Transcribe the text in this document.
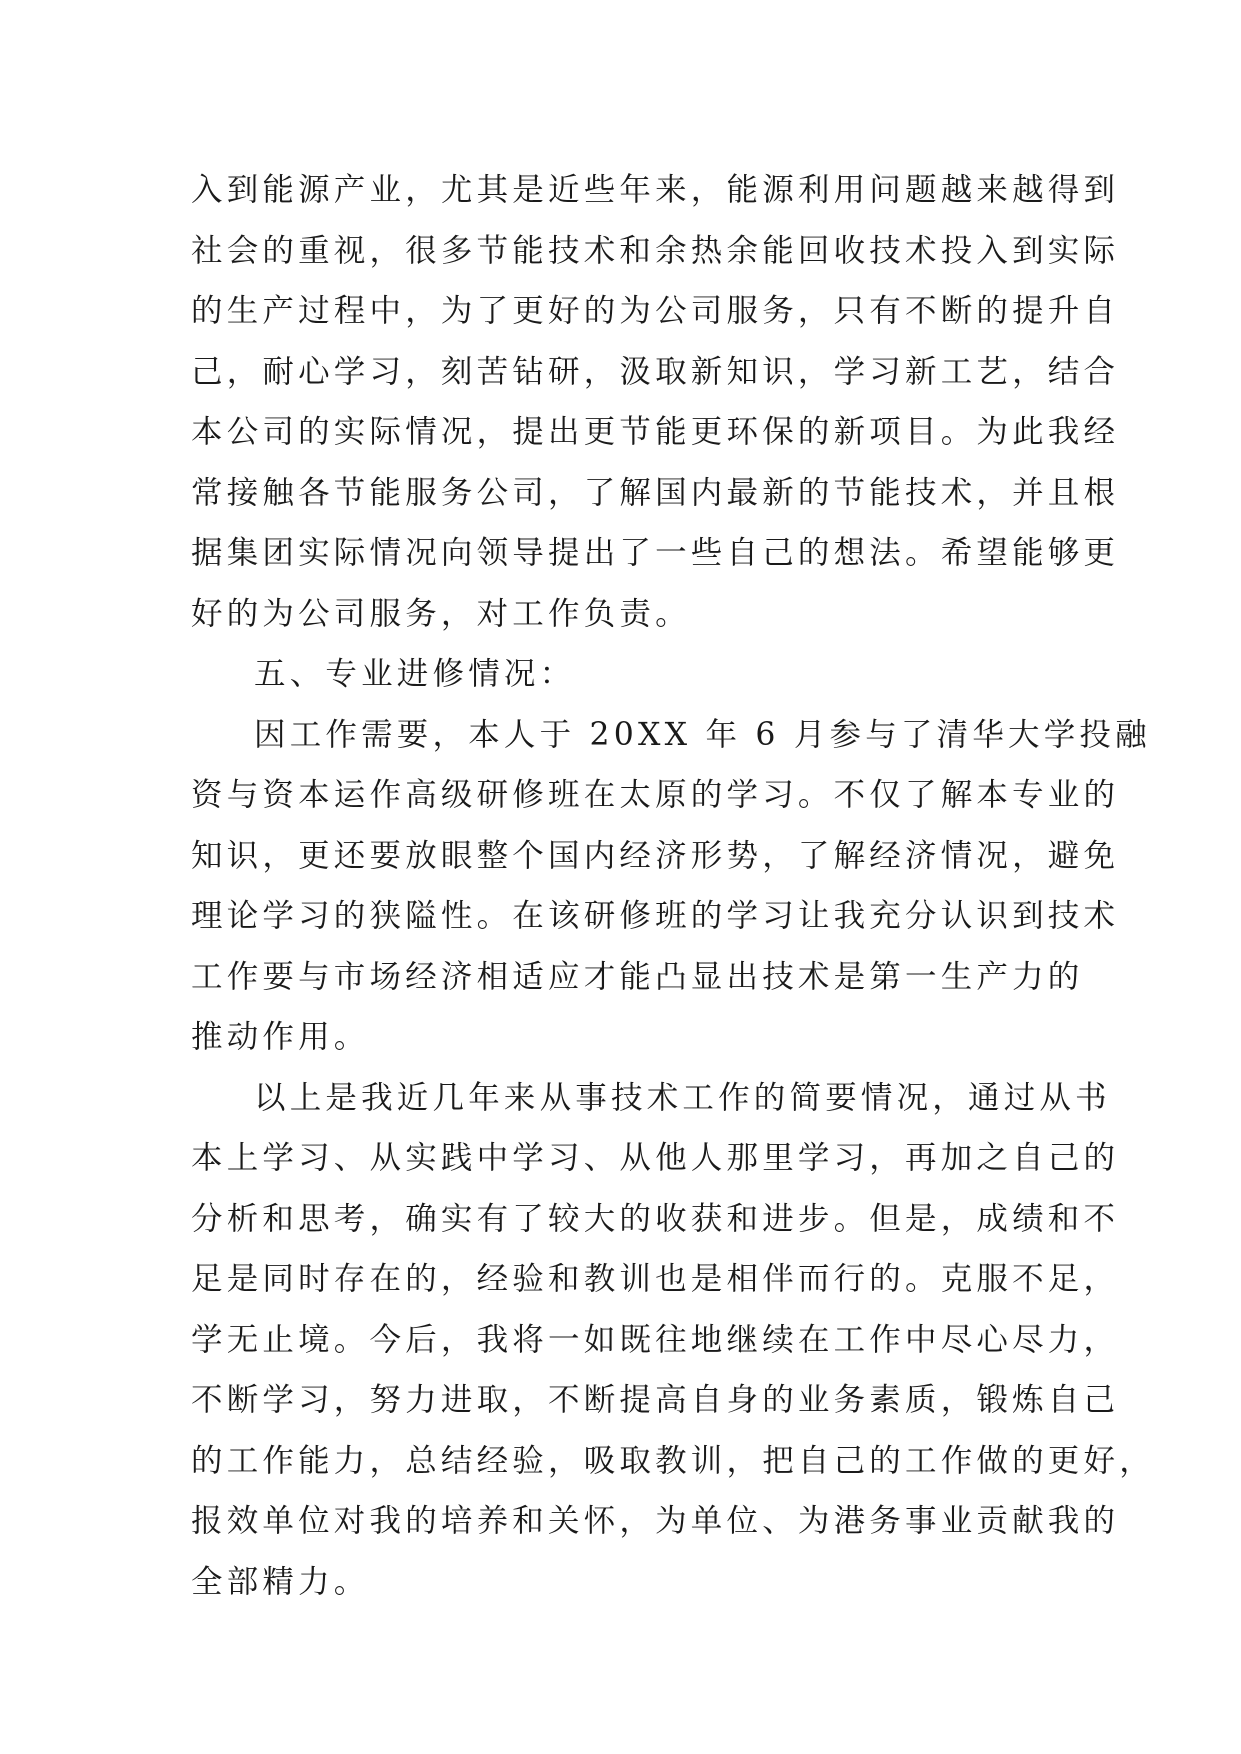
入到能源产业，尤其是近些年来，能源利用问题越来越得到
社会的重视，很多节能技术和余热余能回收技术投入到实际
的生产过程中，为了更好的为公司服务，只有不断的提升自
己，耐心学习，刻苦钻研，汲取新知识，学习新工艺，结合
本公司的实际情况，提出更节能更环保的新项目。为此我经
常接触各节能服务公司，了解国内最新的节能技术，并且根
据集团实际情况向领导提出了一些自己的想法。希望能够更
好的为公司服务，对工作负责。
五、专业进修情况：
因工作需要，本人于 20XX 年 6 月参与了清华大学投融
资与资本运作高级研修班在太原的学习。不仅了解本专业的
知识，更还要放眼整个国内经济形势，了解经济情况，避免
理论学习的狭隘性。在该研修班的学习让我充分认识到技术
工作要与市场经济相适应才能凸显出技术是第一生产力的
推动作用。
以上是我近几年来从事技术工作的简要情况，通过从书
本上学习、从实践中学习、从他人那里学习，再加之自己的
分析和思考，确实有了较大的收获和进步。但是，成绩和不
足是同时存在的，经验和教训也是相伴而行的。克服不足，
学无止境。今后，我将一如既往地继续在工作中尽心尽力，
不断学习，努力进取，不断提高自身的业务素质，锻炼自己
的工作能力，总结经验，吸取教训，把自己的工作做的更好，
报效单位对我的培养和关怀，为单位、为港务事业贡献我的
全部精力。
